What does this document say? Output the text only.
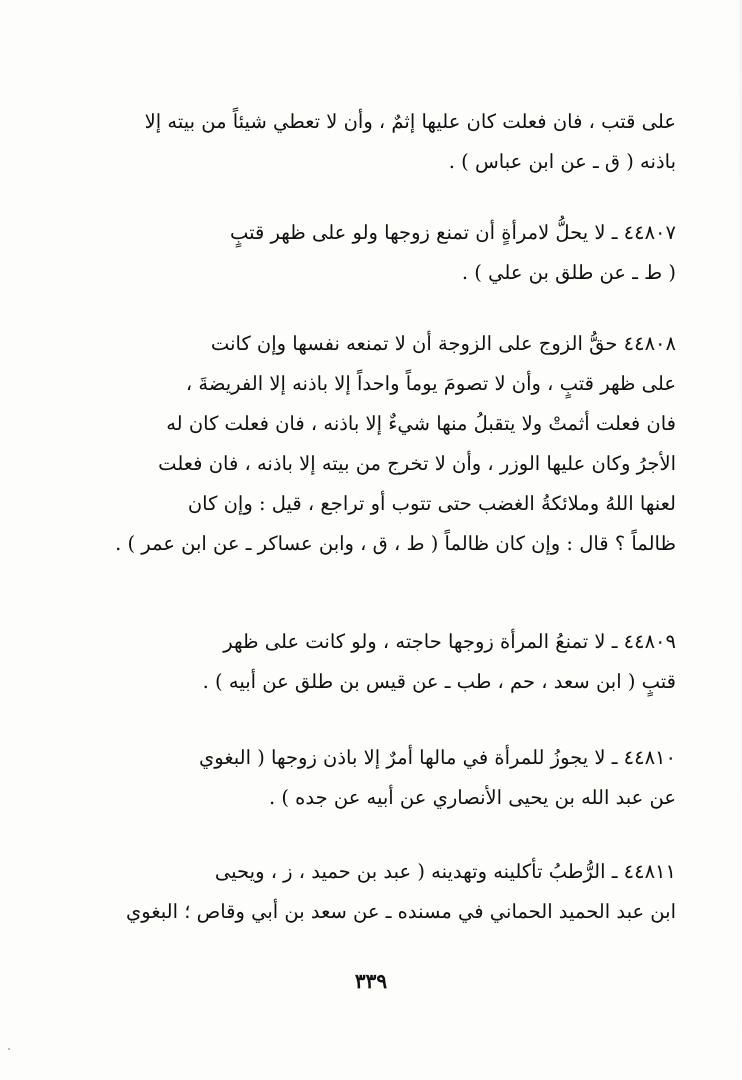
على قتب ، فان فعلت كان عليها إثمٌ ، وأن لا تعطي شيئاً من بيته إلا
باذنه ( ق ـ عن ابن عباس ) .
٤٤٨٠٧ ـ لا يحلُّ لامرأةٍ أن تمنع زوجها ولو على ظهر قتبٍ
( ط ـ عن طلق بن علي ) .
٤٤٨٠٨ حقُّ الزوج على الزوجة أن لا تمنعه نفسها وإن كانت
على ظهر قتبٍ ، وأن لا تصومَ يوماً واحداً إلا باذنه إلا الفريضةَ ،
فان فعلت أثمتْ ولا يتقبلُ منها شيءٌ إلا باذنه ، فان فعلت كان له
الأجرُ وكان عليها الوزر ، وأن لا تخرج من بيته إلا باذنه ، فان فعلت
لعنها اللهُ وملائكةُ الغضب حتى تتوب أو تراجع ، قيل : وإن كان
ظالماً ؟ قال : وإن كان ظالماً ( ط ، ق ، وابن عساكر ـ عن ابن عمر ) .
٤٤٨٠٩ ـ لا تمنعُ المرأة زوجها حاجته ، ولو كانت على ظهر
قتبٍ ( ابن سعد ، حم ، طب ـ عن قيس بن طلق عن أبيه ) .
٤٤٨١٠ ـ لا يجوزُ للمرأة في مالها أمرٌ إلا باذن زوجها ( البغوي
عن عبد الله بن يحيى الأنصاري عن أبيه عن جده ) .
٤٤٨١١ ـ الرُّطبُ تأكلينه وتهدينه ( عبد بن حميد ، ز ، ويحيى
ابن عبد الحميد الحماني في مسنده ـ عن سعد بن أبي وقاص ؛ البغوي
٣٣٩
